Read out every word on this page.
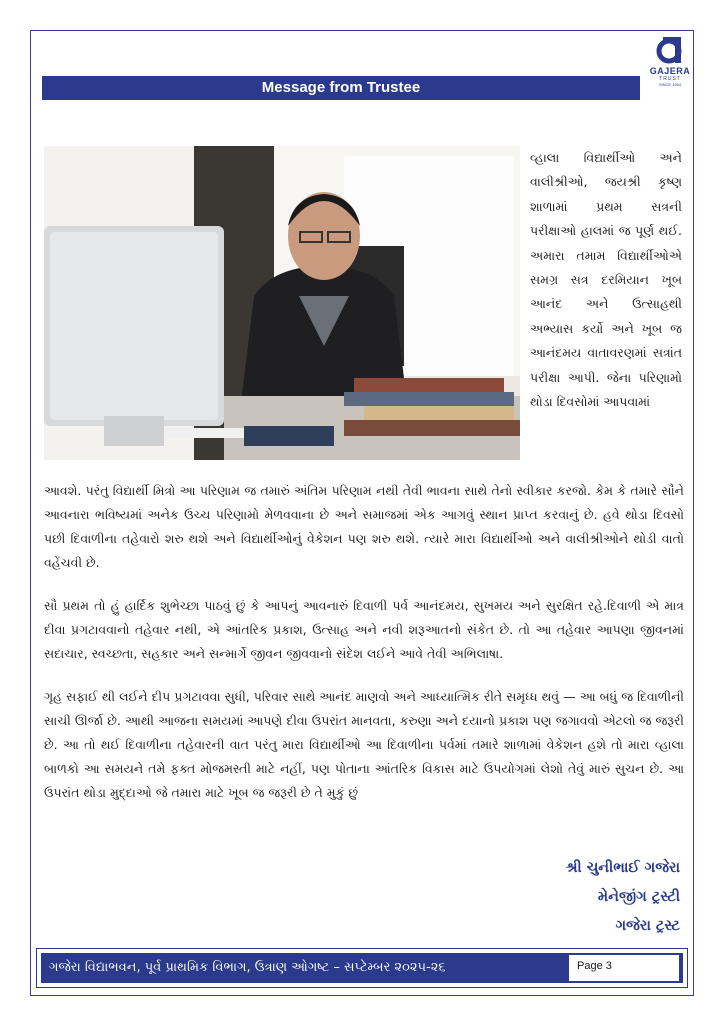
GAJERA
TRUST
SINCE 1994
Message from Trustee

વ્હાલા વિદ્યાર્થીઓ અને વાલીશ્રીઓ, જયશ્રી કૃષ્ણ શાળામાં પ્રથમ સત્રની પરીક્ષાઓ હાલમાં જ પૂર્ણ થઈ. અમારા તમામ વિદ્યાર્થીઓએ સમગ્ર સત્ર દરમિયાન ખૂબ આનંદ અને ઉત્સાહથી અભ્યાસ કર્યો અને ખૂબ જ આનંદમય વાતાવરણમાં સત્રાંત પરીક્ષા આપી. જેના પરિણામો થોડા દિવસોમાં આપવામાં

આવશે. પરંતુ વિદ્યાર્થી મિત્રો આ પરિણામ જ તમારું અંતિમ પરિણામ નથી તેવી ભાવના સાથે તેનો સ્વીકાર કરજો. કેમ કે તમારે સૌને આવનારા ભવિષ્યમાં અનેક ઉચ્ચ પરિણામો મેળવવાના છે અને સમાજમાં એક આગવું સ્થાન પ્રાપ્ત કરવાનું છે. હવે થોડા દિવસો પછી દિવાળીના તહેવારો શરુ થશે અને વિદ્યાર્થીઓનું વેકેશન પણ શરુ થશે. ત્યારે મારા વિદ્યાર્થીઓ અને વાલીશ્રીઓને થોડી વાતો વહેંચવી છે.

સૌ પ્રથમ તો હું હાર્દિક શુભેચ્છા પાઠવું છું કે આપનું આવનારું દિવાળી પર્વ આનંદમય, સુખમય અને સુરક્ષિત રહે.દિવાળી એ માત્ર દીવા પ્રગટાવવાનો તહેવાર નથી, એ આંતરિક પ્રકાશ, ઉત્સાહ અને નવી શરૂઆતનો સંકેત છે. તો આ તહેવાર આપણા જીવનમાં સદાચાર, સ્વચ્છતા, સહકાર અને સન્માર્ગે જીવન જીવવાનો સંદેશ લઈને આવે તેવી અભિલાષા.

ગૃહ સફાઈ થી લઈને દીપ પ્રગટાવવા સુધી, પરિવાર સાથે આનંદ માણવો અને આધ્યાત્મિક રીતે સમૃધ્ધ થવું — આ બધું જ દિવાળીની સાચી ઊર્જા છે. આથી આજના સમયમાં આપણે દીવા ઉપરાંત માનવતા, કરુણા અને દયાનો પ્રકાશ પણ જગાવવો એટલો જ જરૂરી છે. આ તો થઈ દિવાળીના તહેવારની વાત પરંતુ મારા વિદ્યાર્થીઓ આ દિવાળીના પર્વમાં તમારે શાળામાં વેકેશન હશે તો મારા વ્હાલા બાળકો આ સમયને તમે ફક્ત મોજમસ્તી માટે નહીં, પણ પોતાના આંતરિક વિકાસ માટે ઉપયોગમાં લેશો તેવું મારું સુચન છે. આ ઉપરાંત થોડા મુદ્દાઓ જે તમારા માટે ખૂબ જ જરૂરી છે તે મુકું છું

શ્રી ચુનીભાઈ ગજેરા
મેનેજીંગ ટ્રસ્ટી
ગજેરા ટ્રસ્ટ
ગજેરા વિદ્યાભવન, પૂર્વ પ્રાથમિક વિભાગ, ઉત્રાણ ઓગષ્ટ – સપ્ટેમ્બર ૨૦૨૫-૨૬	Page 3
